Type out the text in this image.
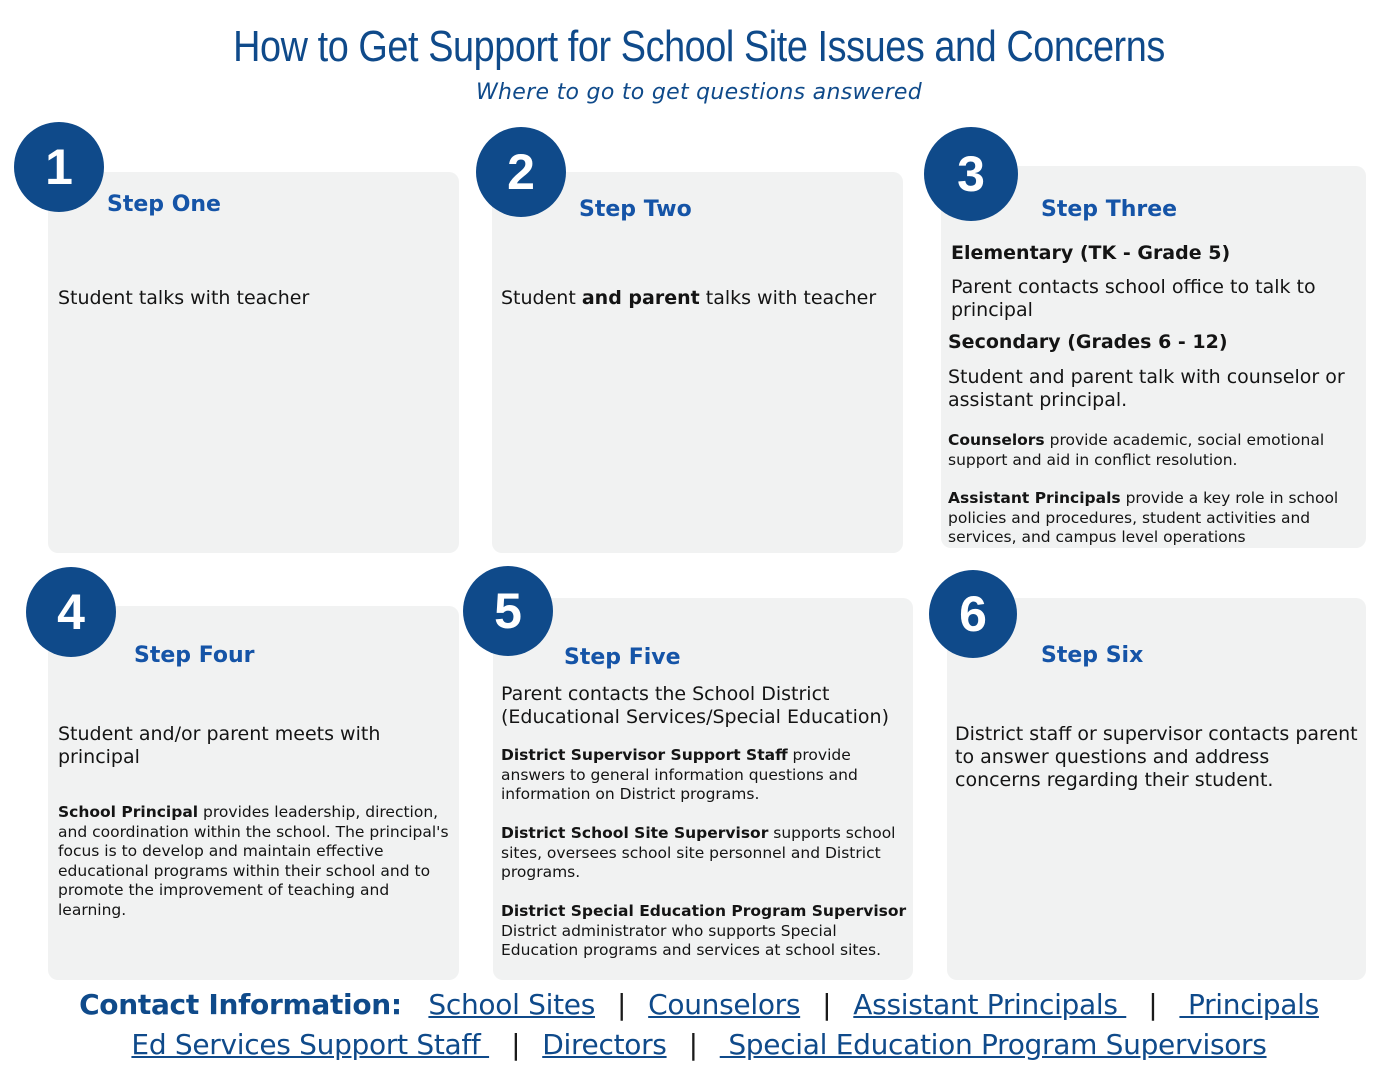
How to Get Support for School Site Issues and Concerns
Where to go to get questions answered
1
Step One
Student talks with teacher
2
Step Two
Student and parent talks with teacher
3
Step Three
Elementary (TK - Grade 5)
Parent contacts school office to talk to principal
Secondary (Grades 6 - 12)
Student and parent talk with counselor or assistant principal.
Counselors provide academic, social emotional support and aid in conflict resolution.
Assistant Principals provide a key role in school policies and procedures, student activities and services, and campus level operations
4
Step Four
Student and/or parent meets with principal
School Principal provides leadership, direction, and coordination within the school. The principal's focus is to develop and maintain effective educational programs within their school and to promote the improvement of teaching and learning.
5
Step Five
Parent contacts the School District (Educational Services/Special Education)
District Supervisor Support Staff provide answers to general information questions and information on District programs.
District School Site Supervisor supports school sites, oversees school site personnel and District programs.
District Special Education Program Supervisor
District administrator who supports Special Education programs and services at school sites.
6
Step Six
District staff or supervisor contacts parent to answer questions and address concerns regarding their student.
Contact Information: School Sites | Counselors | Assistant Principals | Principals
Ed Services Support Staff | Directors | Special Education Program Supervisors
